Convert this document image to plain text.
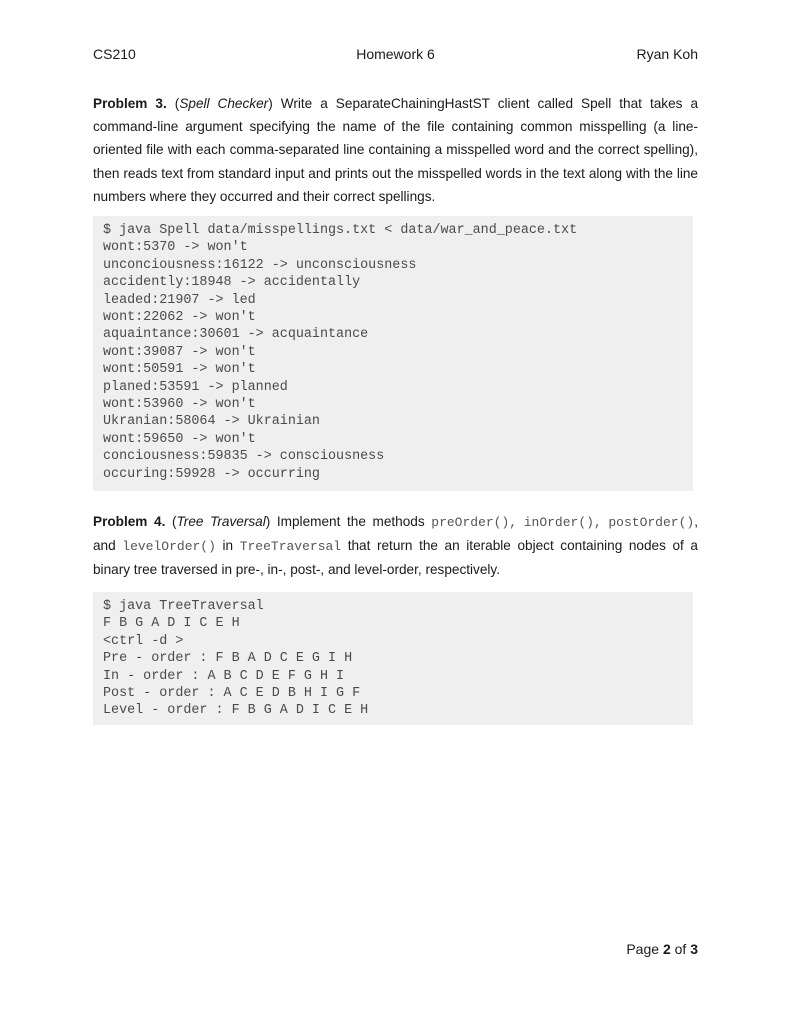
CS210	Homework 6	Ryan Koh
Problem 3. (Spell Checker) Write a SeparateChainingHastST client called Spell that takes a command-line argument specifying the name of the file containing common misspelling (a line-oriented file with each comma-separated line containing a misspelled word and the correct spelling), then reads text from standard input and prints out the misspelled words in the text along with the line numbers where they occurred and their correct spellings.
$ java Spell data/misspellings.txt < data/war_and_peace.txt
wont:5370 -> won't
unconciousness:16122 -> unconsciousness
accidently:18948 -> accidentally
leaded:21907 -> led
wont:22062 -> won't
aquaintance:30601 -> acquaintance
wont:39087 -> won't
wont:50591 -> won't
planed:53591 -> planned
wont:53960 -> won't
Ukranian:58064 -> Ukrainian
wont:59650 -> won't
conciousness:59835 -> consciousness
occuring:59928 -> occurring
Problem 4. (Tree Traversal) Implement the methods preOrder(), inOrder(), postOrder(), and levelOrder() in TreeTraversal that return the an iterable object containing nodes of a binary tree traversed in pre-, in-, post-, and level-order, respectively.
$ java TreeTraversal
F B G A D I C E H
<ctrl -d >
Pre - order : F B A D C E G I H
In - order : A B C D E F G H I
Post - order : A C E D B H I G F
Level - order : F B G A D I C E H
Page 2 of 3
